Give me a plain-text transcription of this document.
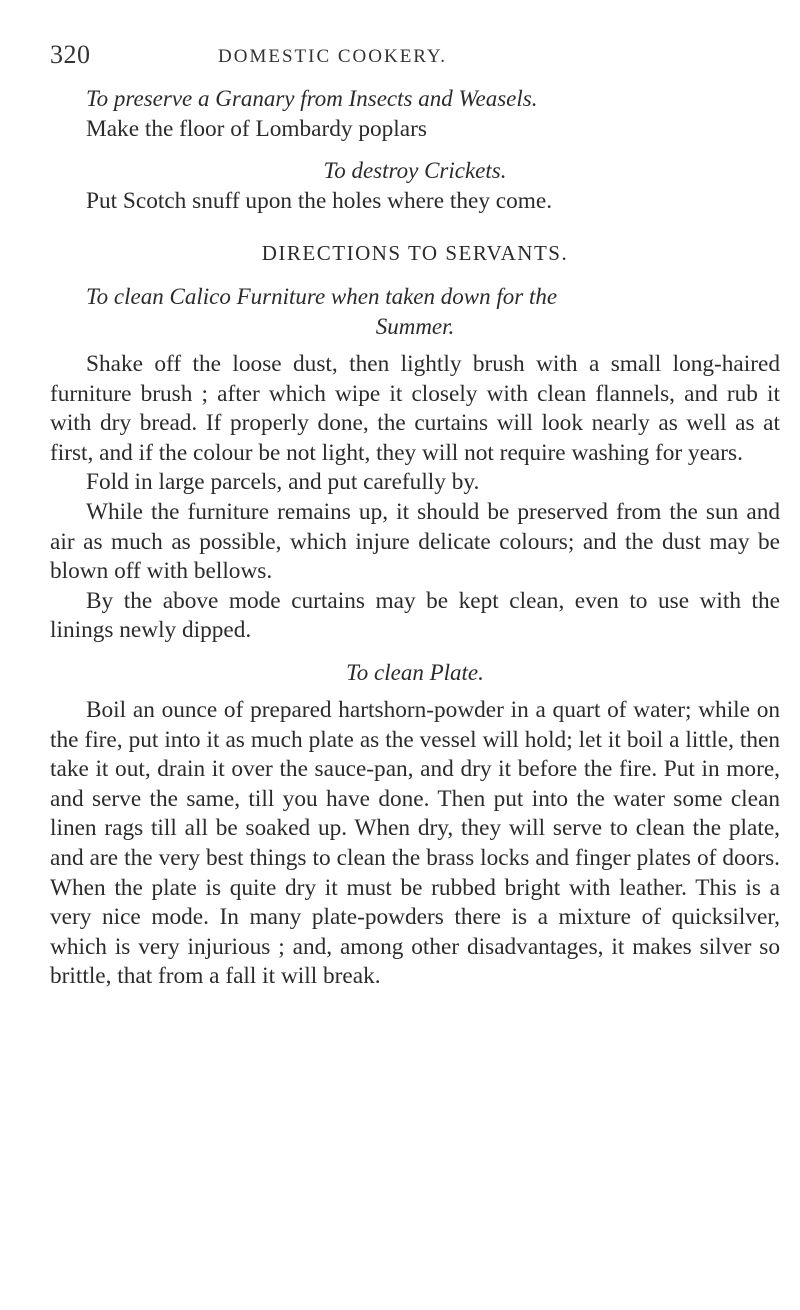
320	DOMESTIC COOKERY.

To preserve a Granary from Insects and Weasels.

Make the floor of Lombardy poplars

To destroy Crickets.

Put Scotch snuff upon the holes where they come.

DIRECTIONS TO SERVANTS.

To clean Calico Furniture when taken down for the

Summer.

Shake off the loose dust, then lightly brush with a small long-haired furniture brush ; after which wipe it closely with clean flannels, and rub it with dry bread. If properly done, the curtains will look nearly as well as at first, and if the colour be not light, they will not require washing for years.

Fold in large parcels, and put carefully by.

While the furniture remains up, it should be preserved from the sun and air as much as possible, which injure delicate colours; and the dust may be blown off with bellows.

By the above mode curtains may be kept clean, even to use with the linings newly dipped.

To clean Plate.

Boil an ounce of prepared hartshorn-powder in a quart of water; while on the fire, put into it as much plate as the vessel will hold; let it boil a little, then take it out, drain it over the sauce-pan, and dry it before the fire. Put in more, and serve the same, till you have done. Then put into the water some clean linen rags till all be soaked up. When dry, they will serve to clean the plate, and are the very best things to clean the brass locks and finger plates of doors. When the plate is quite dry it must be rubbed bright with leather. This is a very nice mode. In many plate-powders there is a mixture of quicksilver, which is very injurious ; and, among other disadvantages, it makes silver so brittle, that from a fall it will break.
